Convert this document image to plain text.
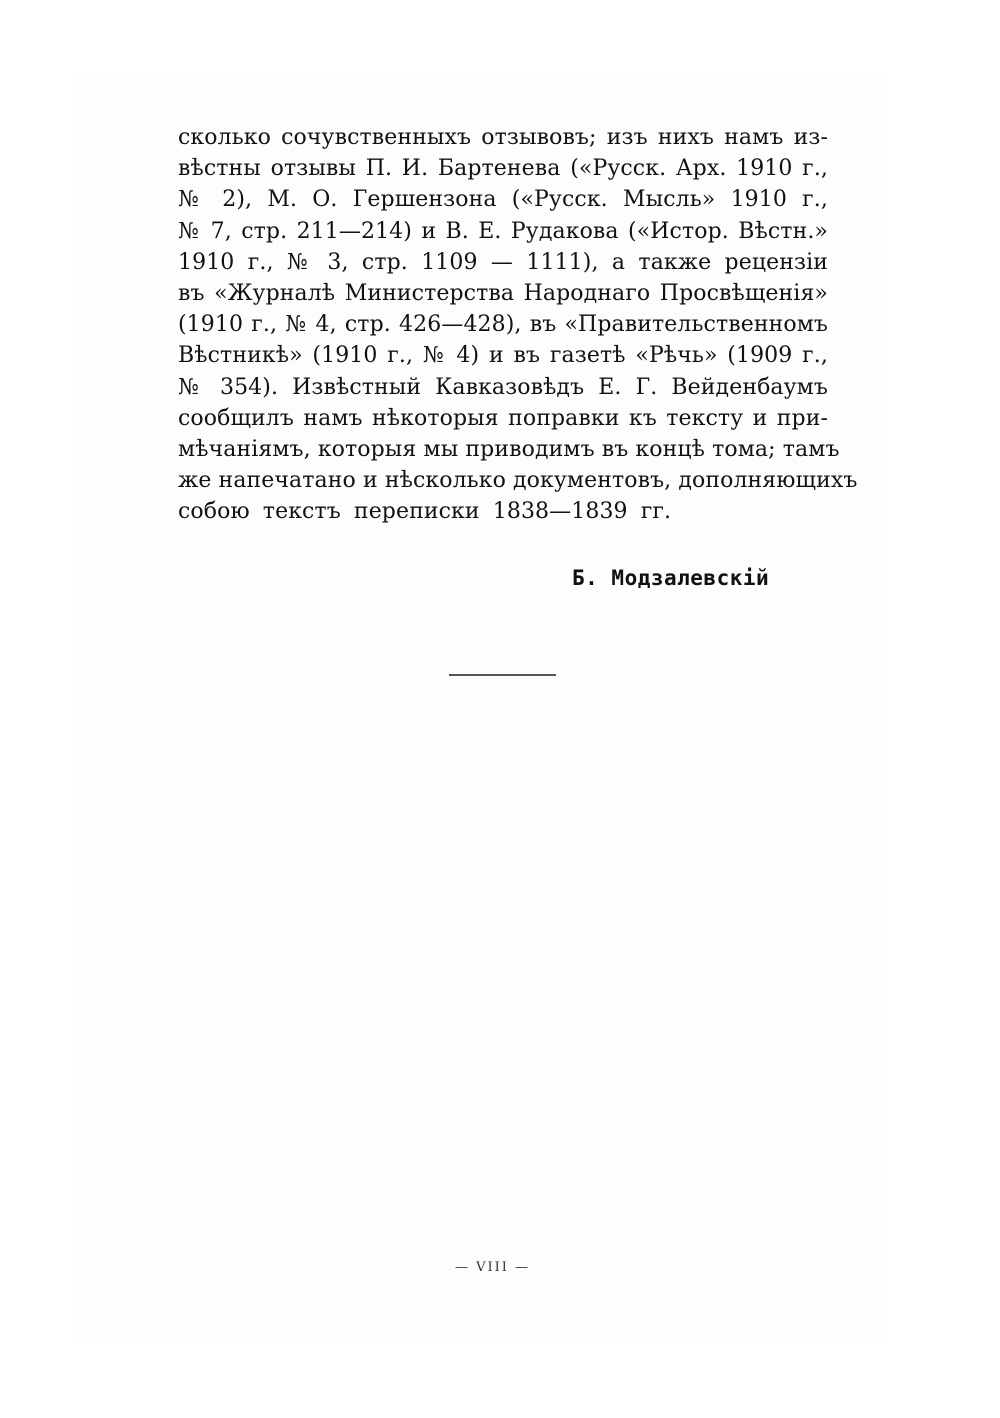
сколько сочувственныхъ отзывовъ; изъ нихъ намъ из-
вѣстны отзывы П. И. Бартенева («Русск. Арх. 1910 г.,
№ 2), М. О. Гершензона («Русск. Мысль» 1910 г.,
№ 7, стр. 211—214) и В. Е. Рудакова («Истор. Вѣстн.»
1910 г., № 3, стр. 1109 — 1111), а также рецензіи
въ «Журналѣ Министерства Народнаго Просвѣщенія»
(1910 г., № 4, стр. 426—428), въ «Правительственномъ
Вѣстникѣ» (1910 г., № 4) и въ газетѣ «Рѣчь» (1909 г.,
№ 354). Извѣстный Кавказовѣдъ Е. Г. Вейденбаумъ
сообщилъ намъ нѣкоторыя поправки къ тексту и при-
мѣчаніямъ, которыя мы приводимъ въ концѣ тома; тамъ
же напечатано и нѣсколько документовъ, дополняющихъ
собою текстъ переписки 1838—1839 гг.
Б. Модзалевскій
— VIII —
